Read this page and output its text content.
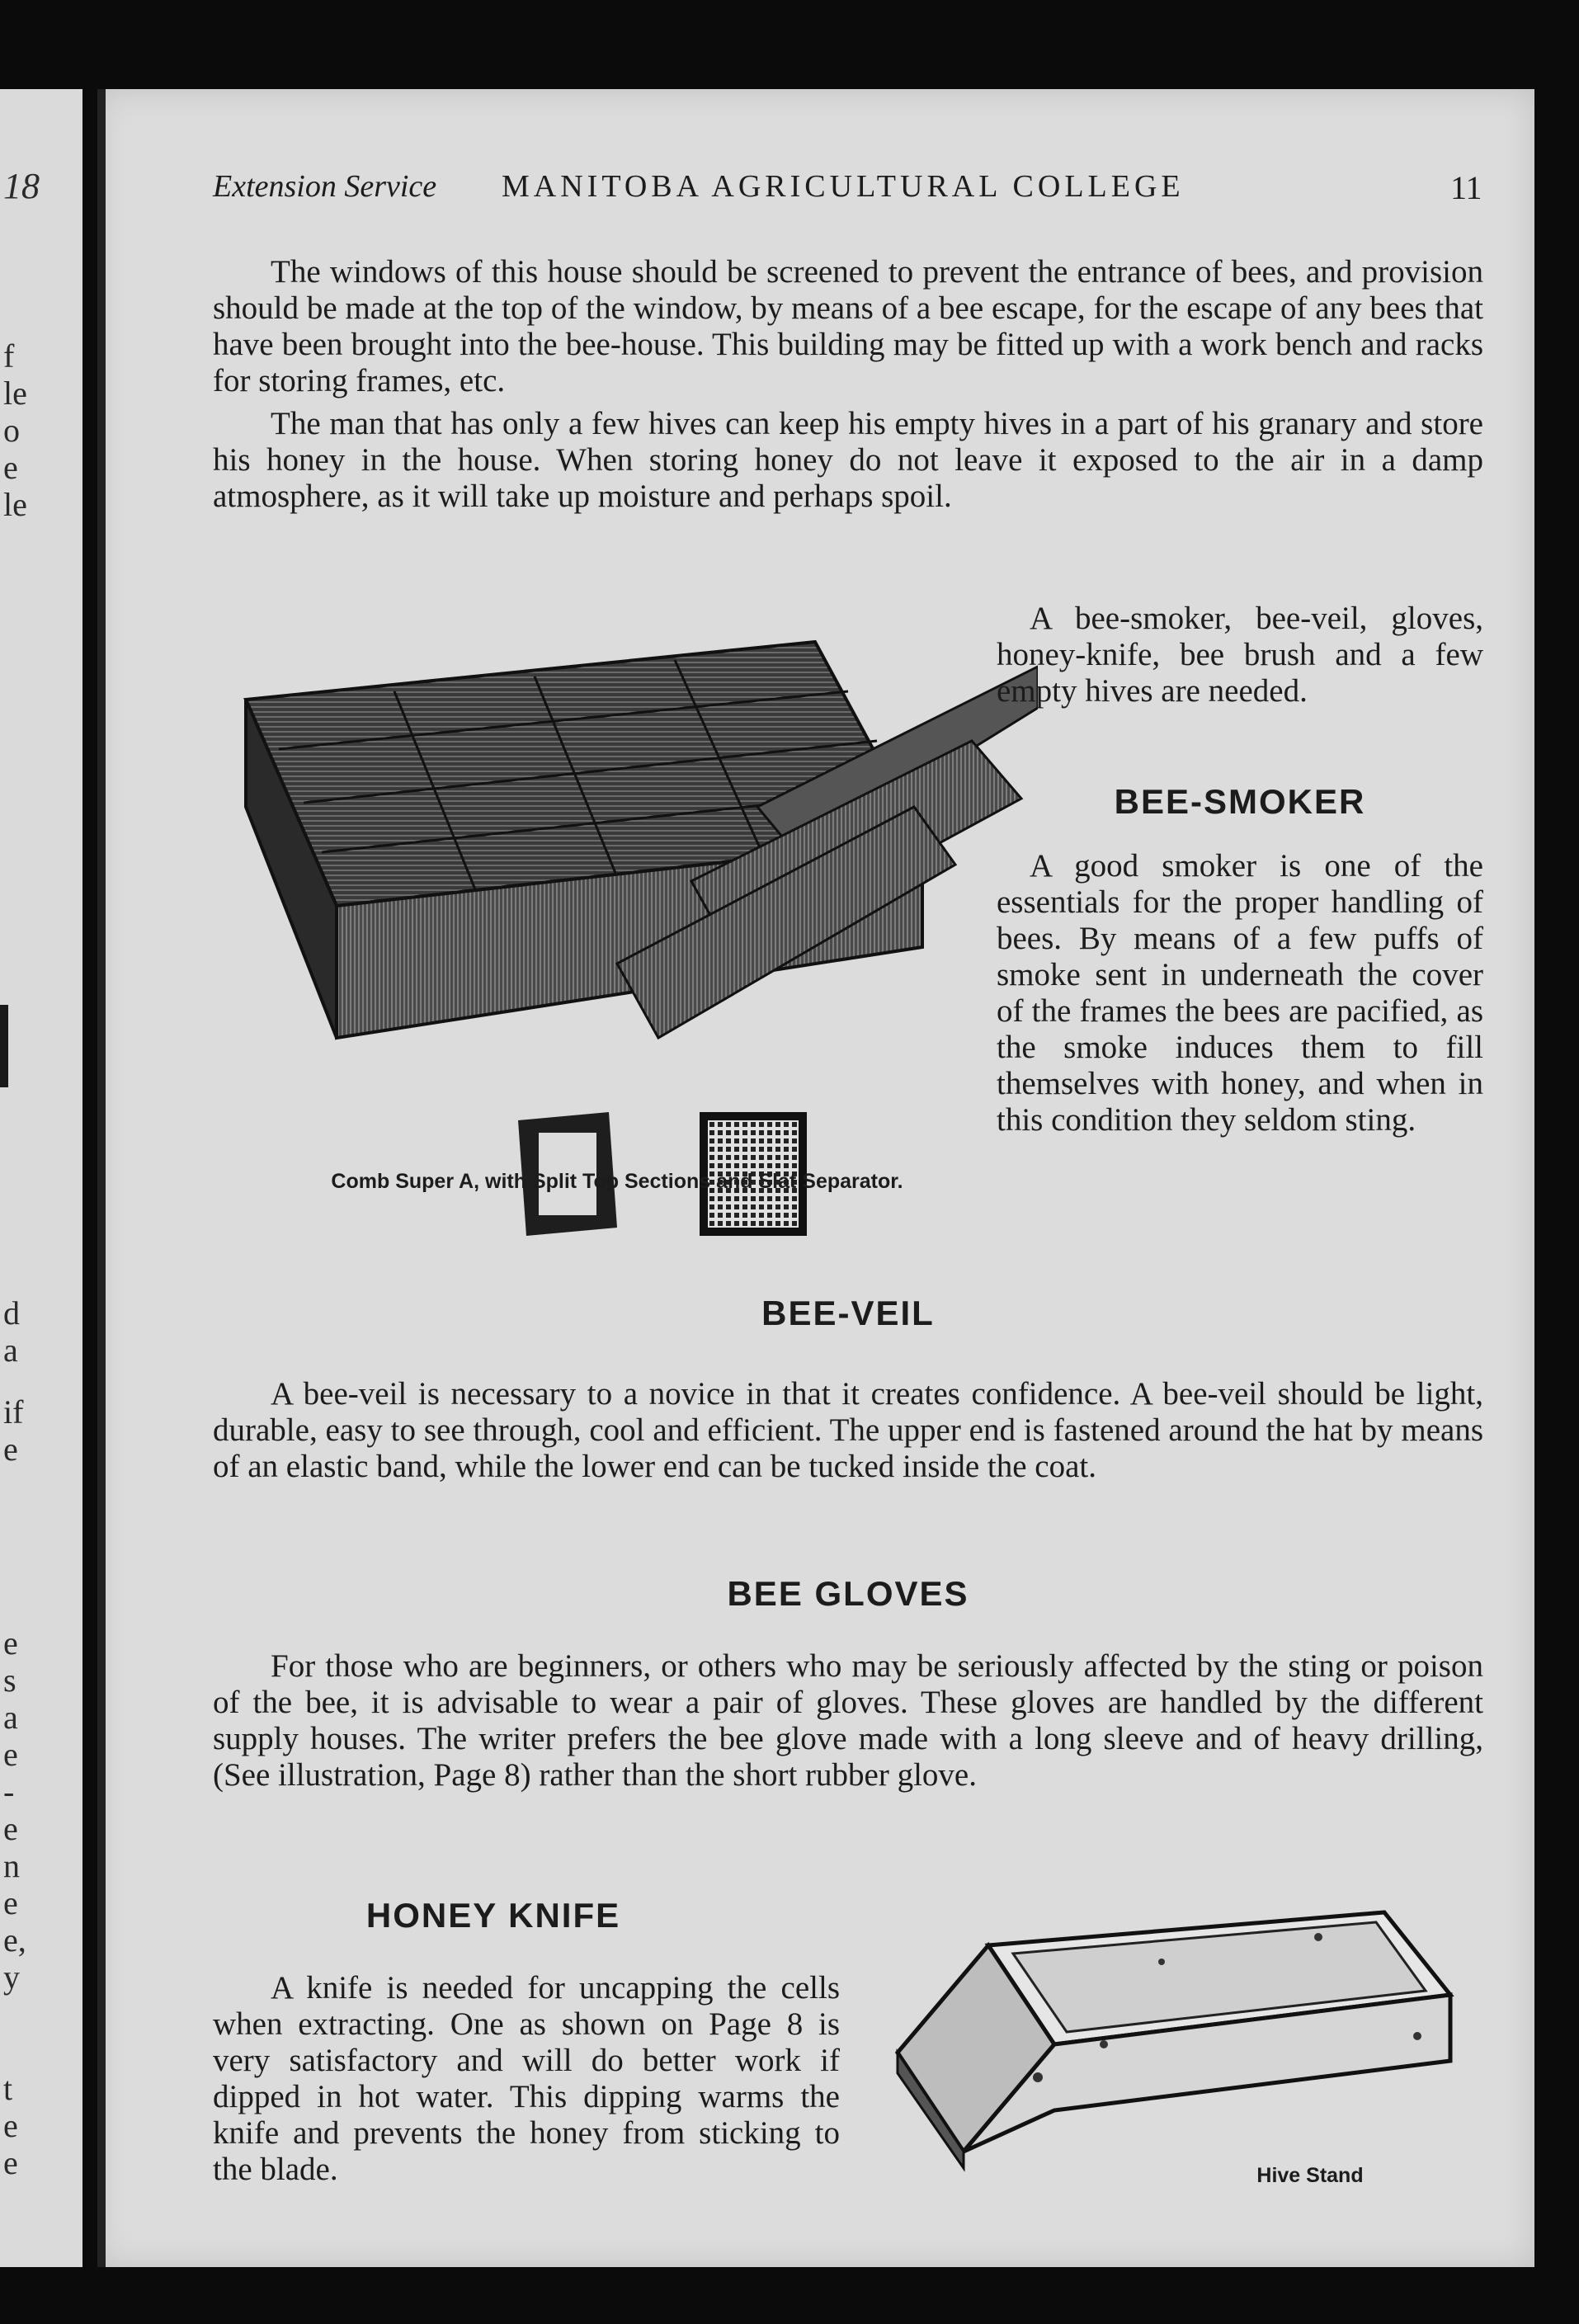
18
f
le
o
e
le
d
a
if
e
e
s
a
e
-
e
n
e
e,
y
t
e
e
Extension Service MANITOBA AGRICULTURAL COLLEGE	11

The windows of this house should be screened to prevent the entrance of bees, and provision should be made at the top of the window, by means of a bee escape, for the escape of any bees that have been brought into the bee-house. This building may be fitted up with a work bench and racks for storing frames, etc.

The man that has only a few hives can keep his empty hives in a part of his granary and store his honey in the house. When storing honey do not leave it exposed to the air in a damp atmosphere, as it will take up moisture and perhaps spoil.

Comb Super A, with Split Top Sections and Slat Separator.

A bee-smoker, bee-veil, gloves, honey-knife, bee brush and a few empty hives are needed.

BEE-SMOKER

A good smoker is one of the essentials for the proper handling of bees. By means of a few puffs of smoke sent in underneath the cover of the frames the bees are pacified, as the smoke induces them to fill themselves with honey, and when in this condition they seldom sting.

BEE-VEIL

A bee-veil is necessary to a novice in that it creates confidence. A bee-veil should be light, durable, easy to see through, cool and efficient. The upper end is fastened around the hat by means of an elastic band, while the lower end can be tucked inside the coat.

BEE GLOVES

For those who are beginners, or others who may be seriously affected by the sting or poison of the bee, it is advisable to wear a pair of gloves. These gloves are handled by the different supply houses. The writer prefers the bee glove made with a long sleeve and of heavy drilling, (See illustration, Page 8) rather than the short rubber glove.

HONEY KNIFE

A knife is needed for uncapping the cells when extracting. One as shown on Page 8 is very satisfactory and will do better work if dipped in hot water. This dipping warms the knife and prevents the honey from sticking to the blade.	Hive Stand
